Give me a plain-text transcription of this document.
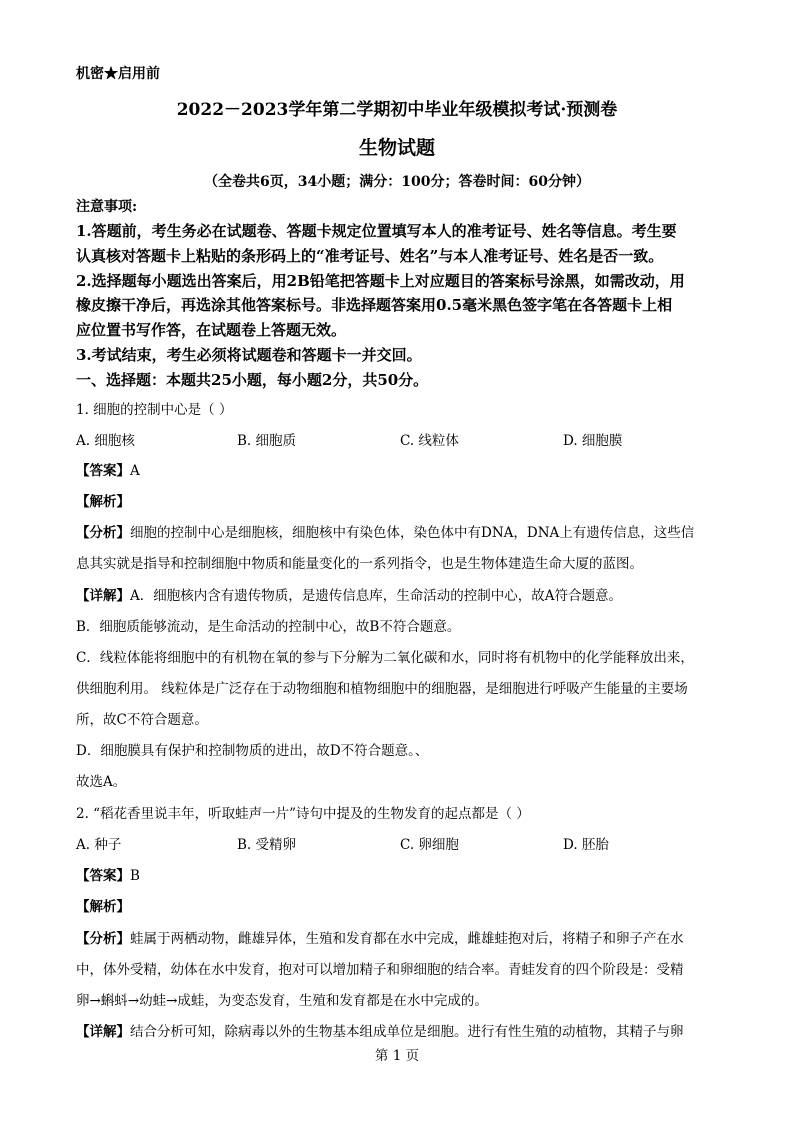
机密★启用前
2022－2023学年第二学期初中毕业年级模拟考试·预测卷
生物试题
（全卷共6页，34小题；满分：100分；答卷时间：60分钟）
注意事项:
1.答题前，考生务必在试题卷、答题卡规定位置填写本人的准考证号、姓名等信息。考生要
认真核对答题卡上粘贴的条形码上的“准考证号、姓名”与本人准考证号、姓名是否一致。
2.选择题每小题选出答案后，用2B铅笔把答题卡上对应题目的答案标号涂黑，如需改动，用
橡皮擦干净后，再选涂其他答案标号。非选择题答案用0.5毫米黑色签字笔在各答题卡上相
应位置书写作答，在试题卷上答题无效。
3.考试结束，考生必须将试题卷和答题卡一并交回。
一、选择题：本题共25小题，每小题2分，共50分。
1. 细胞的控制中心是（ ）
A. 细胞核	B. 细胞质	C. 线粒体	D. 细胞膜
【答案】A
【解析】
【分析】细胞的控制中心是细胞核，细胞核中有染色体，染色体中有DNA，DNA上有遗传信息，这些信
息其实就是指导和控制细胞中物质和能量变化的一系列指令，也是生物体建造生命大厦的蓝图。
【详解】A．细胞核内含有遗传物质，是遗传信息库，生命活动的控制中心，故A符合题意。
B．细胞质能够流动，是生命活动的控制中心，故B不符合题意。
C．线粒体能将细胞中的有机物在氧的参与下分解为二氧化碳和水，同时将有机物中的化学能释放出来，
供细胞利用。 线粒体是广泛存在于动物细胞和植物细胞中的细胞器，是细胞进行呼吸产生能量的主要场
所，故C不符合题意。
D．细胞膜具有保护和控制物质的进出，故D不符合题意。、
故选A。
2. “稻花香里说丰年，听取蛙声一片”诗句中提及的生物发育的起点都是（ ）
A. 种子	B. 受精卵	C. 卵细胞	D. 胚胎
【答案】B
【解析】
【分析】蛙属于两栖动物，雌雄异体，生殖和发育都在水中完成，雌雄蛙抱对后，将精子和卵子产在水
中，体外受精，幼体在水中发育，抱对可以增加精子和卵细胞的结合率。青蛙发育的四个阶段是：受精
卵→蝌蚪→幼蛙→成蛙，为变态发育，生殖和发育都是在水中完成的。
【详解】结合分析可知，除病毒以外的生物基本组成单位是细胞。进行有性生殖的动植物，其精子与卵
第 1 页
